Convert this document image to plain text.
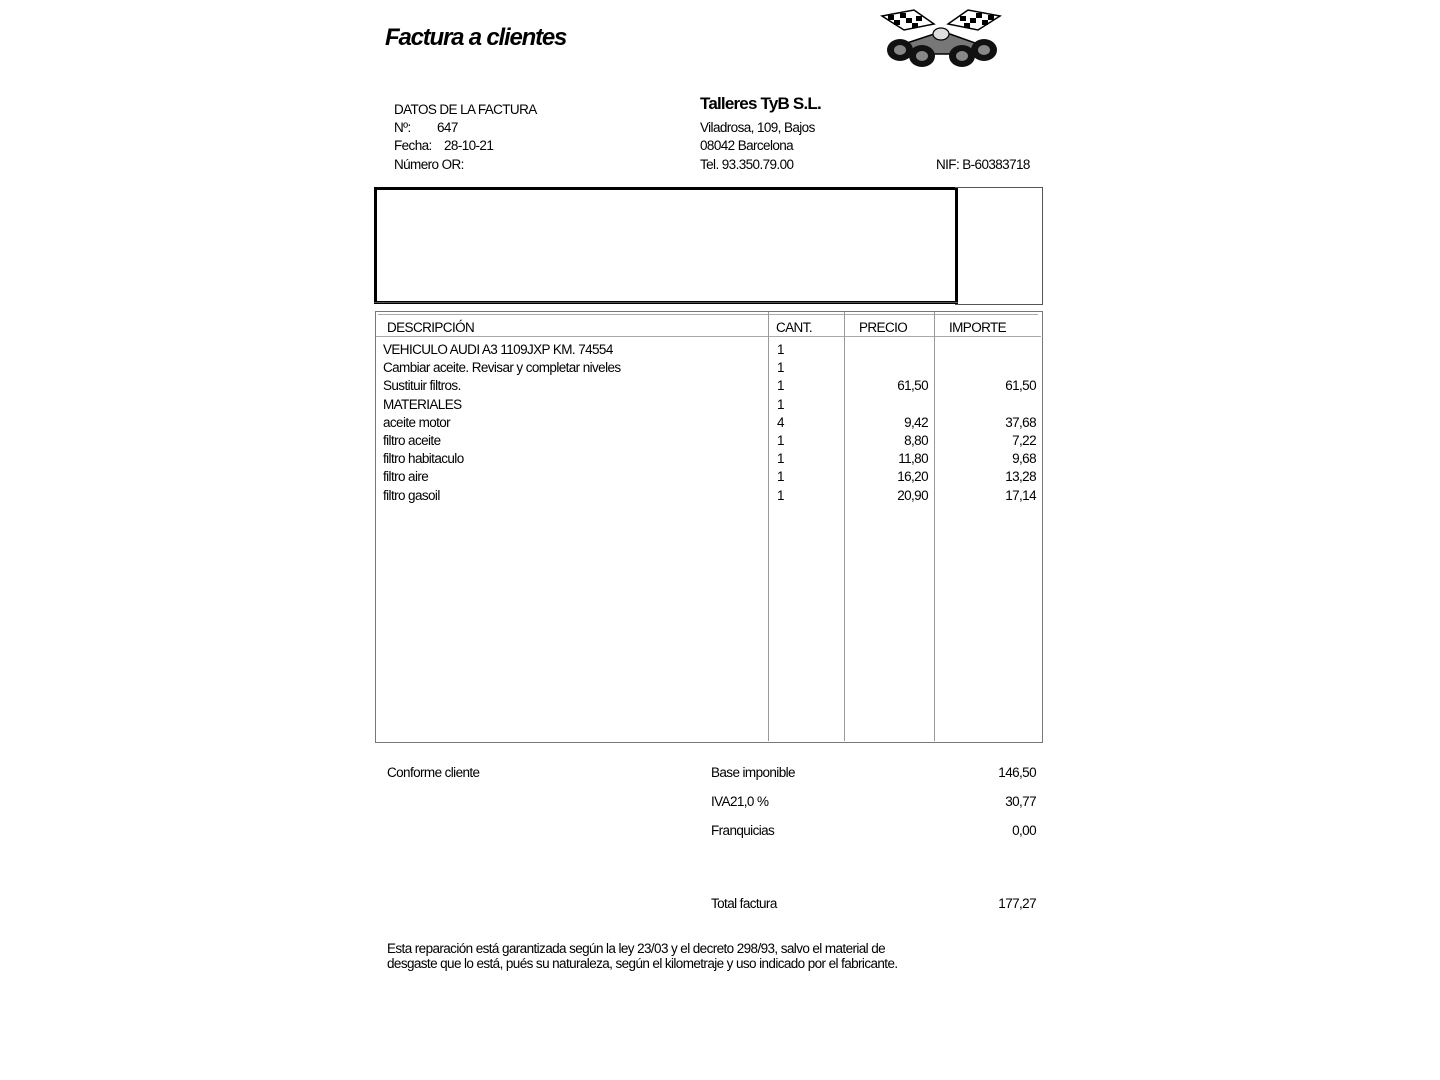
Factura a clientes
DATOS DE LA FACTURA
Nº: 647
Fecha: 28-10-21
Número OR:
Talleres TyB S.L.
Viladrosa, 109, Bajos
08042 Barcelona
Tel. 93.350.79.00	NIF: B-60383718
DESCRIPCIÓN	CANT.	PRECIO	IMPORTE
VEHICULO AUDI A3 1109JXP KM. 74554	1
Cambiar aceite. Revisar y completar niveles	1
Sustituir filtros.	1	61,50	61,50
MATERIALES	1
aceite motor	4	9,42	37,68
filtro aceite	1	8,80	7,22
filtro habitaculo	1	11,80	9,68
filtro aire	1	16,20	13,28
filtro gasoil	1	20,90	17,14
Conforme cliente	Base imponible	146,50
IVA21,0 %	30,77
Franquicias	0,00
Total factura	177,27
Esta reparación está garantizada según la ley 23/03 y el decreto 298/93, salvo el material de
desgaste que lo está, pués su naturaleza, según el kilometraje y uso indicado por el fabricante.
